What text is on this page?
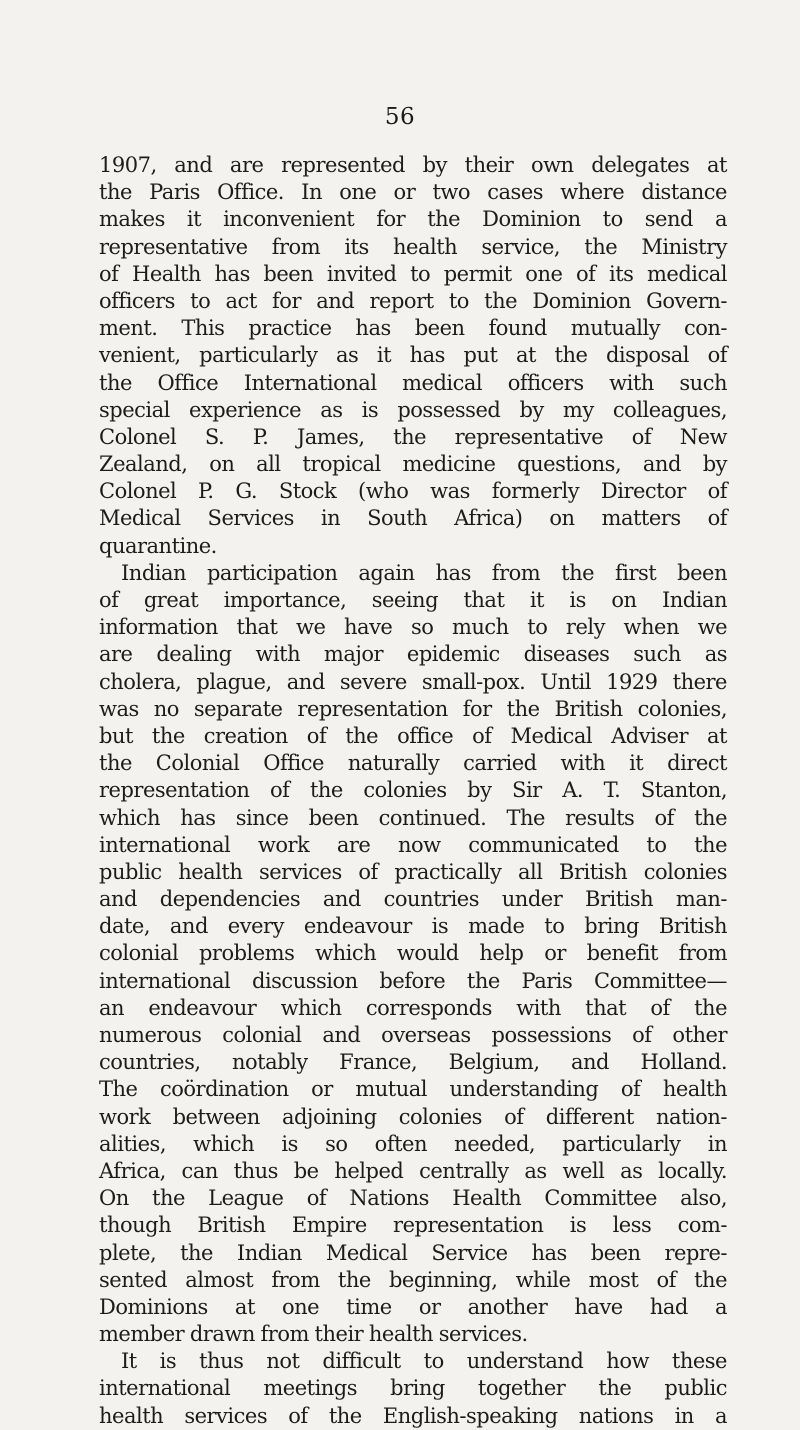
56
1907, and are represented by their own delegates at
the Paris Office. In one or two cases where distance
makes it inconvenient for the Dominion to send a
representative from its health service, the Ministry
of Health has been invited to permit one of its medical
officers to act for and report to the Dominion Govern-
ment. This practice has been found mutually con-
venient, particularly as it has put at the disposal of
the Office International medical officers with such
special experience as is possessed by my colleagues,
Colonel S. P. James, the representative of New
Zealand, on all tropical medicine questions, and by
Colonel P. G. Stock (who was formerly Director of
Medical Services in South Africa) on matters of
quarantine.
Indian participation again has from the first been
of great importance, seeing that it is on Indian
information that we have so much to rely when we
are dealing with major epidemic diseases such as
cholera, plague, and severe small-pox. Until 1929 there
was no separate representation for the British colonies,
but the creation of the office of Medical Adviser at
the Colonial Office naturally carried with it direct
representation of the colonies by Sir A. T. Stanton,
which has since been continued. The results of the
international work are now communicated to the
public health services of practically all British colonies
and dependencies and countries under British man-
date, and every endeavour is made to bring British
colonial problems which would help or benefit from
international discussion before the Paris Committee—
an endeavour which corresponds with that of the
numerous colonial and overseas possessions of other
countries, notably France, Belgium, and Holland.
The coördination or mutual understanding of health
work between adjoining colonies of different nation-
alities, which is so often needed, particularly in
Africa, can thus be helped centrally as well as locally.
On the League of Nations Health Committee also,
though British Empire representation is less com-
plete, the Indian Medical Service has been repre-
sented almost from the beginning, while most of the
Dominions at one time or another have had a
member drawn from their health services.
It is thus not difficult to understand how these
international meetings bring together the public
health services of the English-speaking nations in a
